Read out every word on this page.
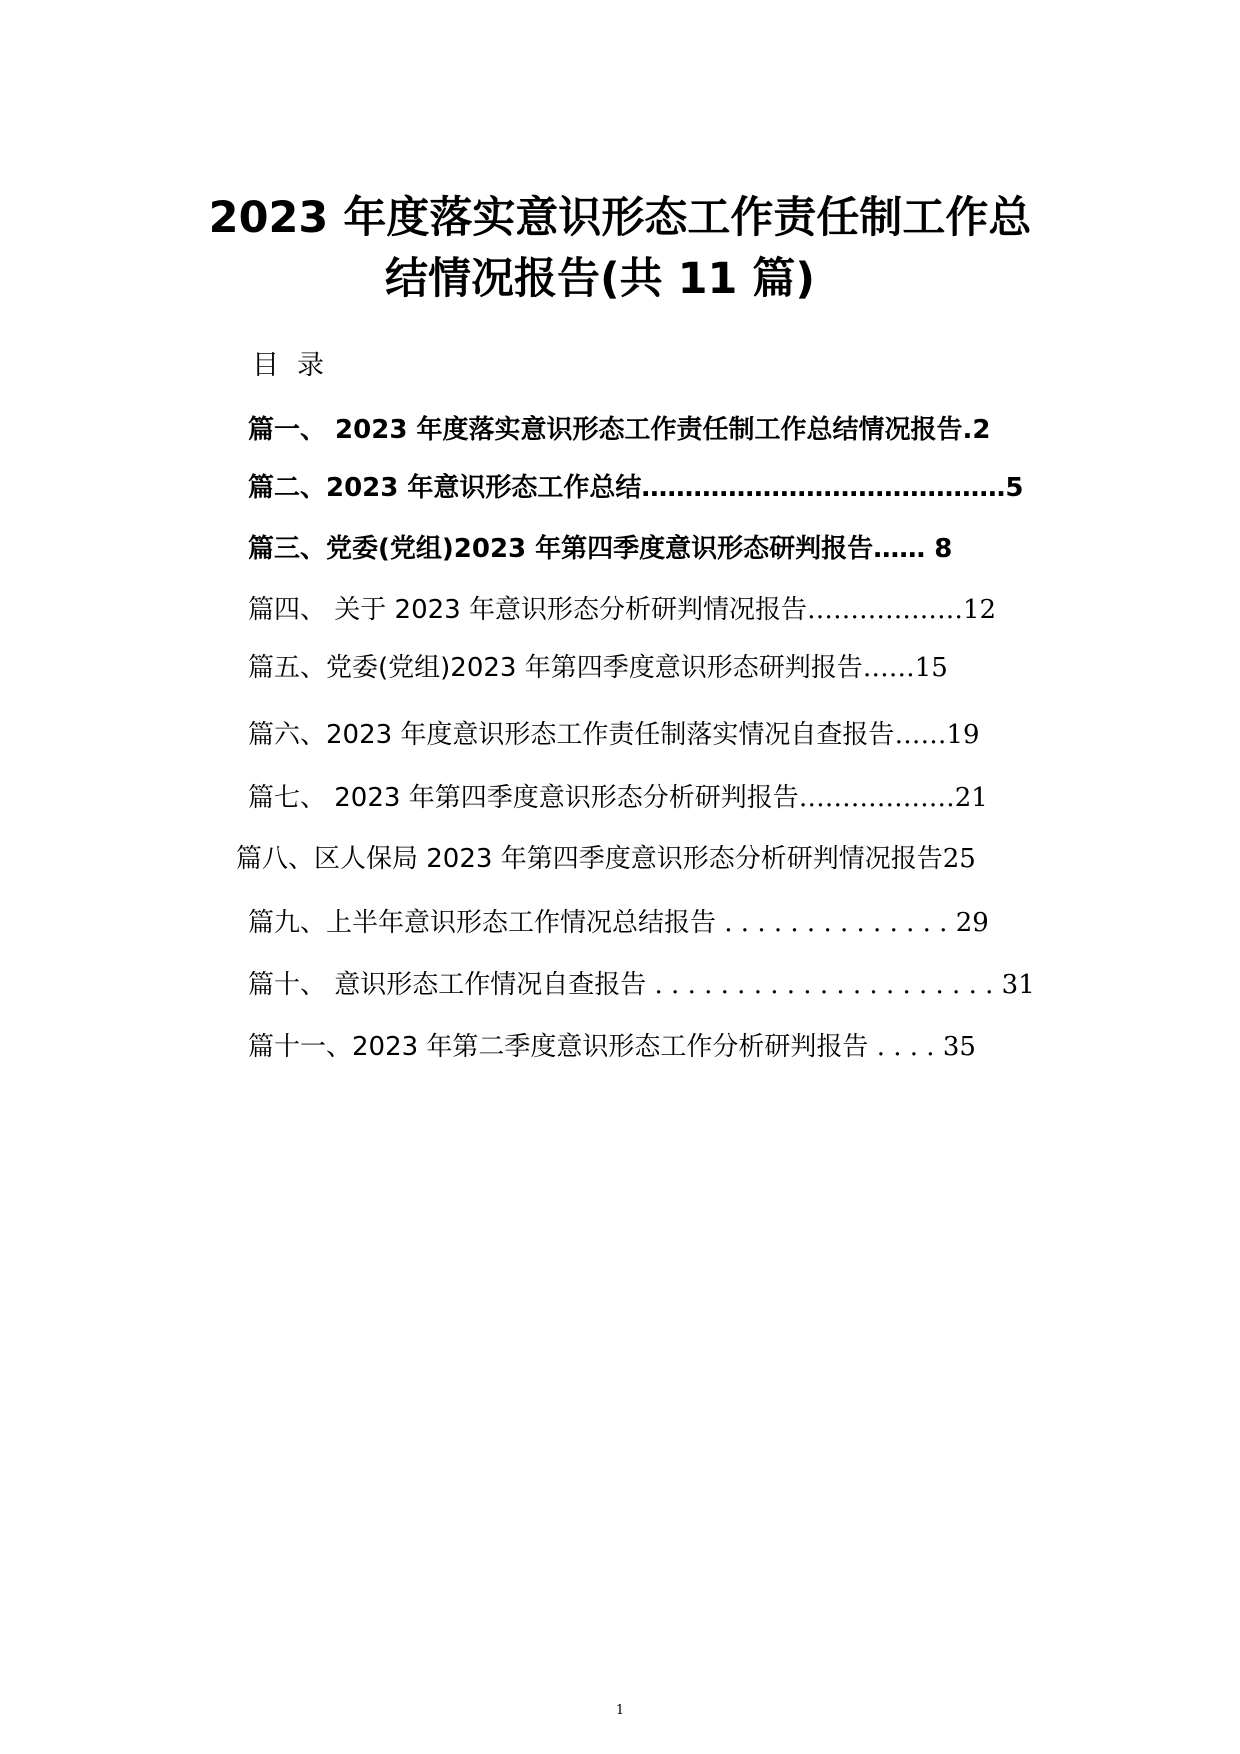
2023 年度落实意识形态工作责任制工作总
结情况报告(共 11 篇)
目录
篇一、 2023 年度落实意识形态工作责任制工作总结情况报告.2
篇二、2023 年意识形态工作总结……………………………………5
篇三、党委(党组)2023 年第四季度意识形态研判报告…… 8
篇四、 关于 2023 年意识形态分析研判情况报告………………12
篇五、党委(党组)2023 年第四季度意识形态研判报告……15
篇六、2023 年度意识形态工作责任制落实情况自查报告……19
篇七、 2023 年第四季度意识形态分析研判报告………………21
篇八、区人保局 2023 年第四季度意识形态分析研判情况报告25
篇九、上半年意识形态工作情况总结报告 . . . . . . . . . . . . . . 29
篇十、 意识形态工作情况自查报告 . . . . . . . . . . . . . . . . . . . . . 31
篇十一、2023 年第二季度意识形态工作分析研判报告 . . . . 35
1
